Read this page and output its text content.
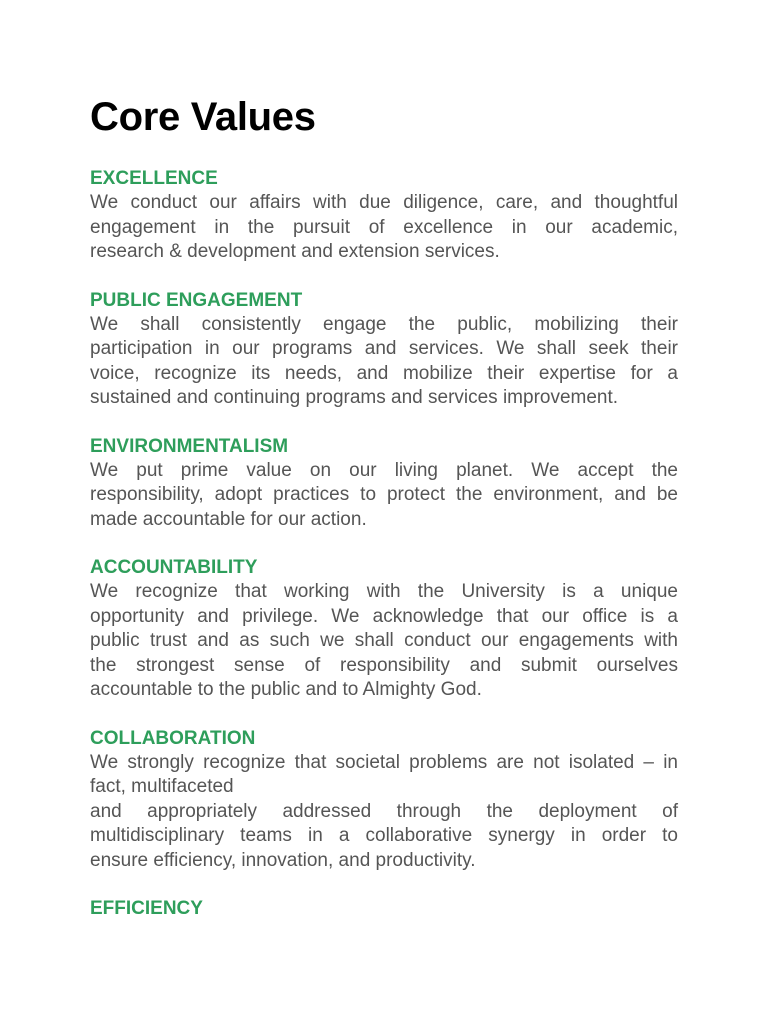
Core Values
EXCELLENCE

We conduct our affairs with due diligence, care, and thoughtful
engagement in the pursuit of excellence in our academic,
research & development and extension services.

PUBLIC ENGAGEMENT

We shall consistently engage the public, mobilizing their
participation in our programs and services. We shall seek their
voice, recognize its needs, and mobilize their expertise for a
sustained and continuing programs and services improvement.

ENVIRONMENTALISM

We put prime value on our living planet. We accept the
responsibility, adopt practices to protect the environment, and be
made accountable for our action.

ACCOUNTABILITY

We recognize that working with the University is a unique
opportunity and privilege. We acknowledge that our office is a
public trust and as such we shall conduct our engagements with
the strongest sense of responsibility and submit ourselves
accountable to the public and to Almighty God.

COLLABORATION

We strongly recognize that societal problems are not isolated – in
fact, multifaceted
and appropriately addressed through the deployment of
multidisciplinary teams in a collaborative synergy in order to
ensure efficiency, innovation, and productivity.

EFFICIENCY
